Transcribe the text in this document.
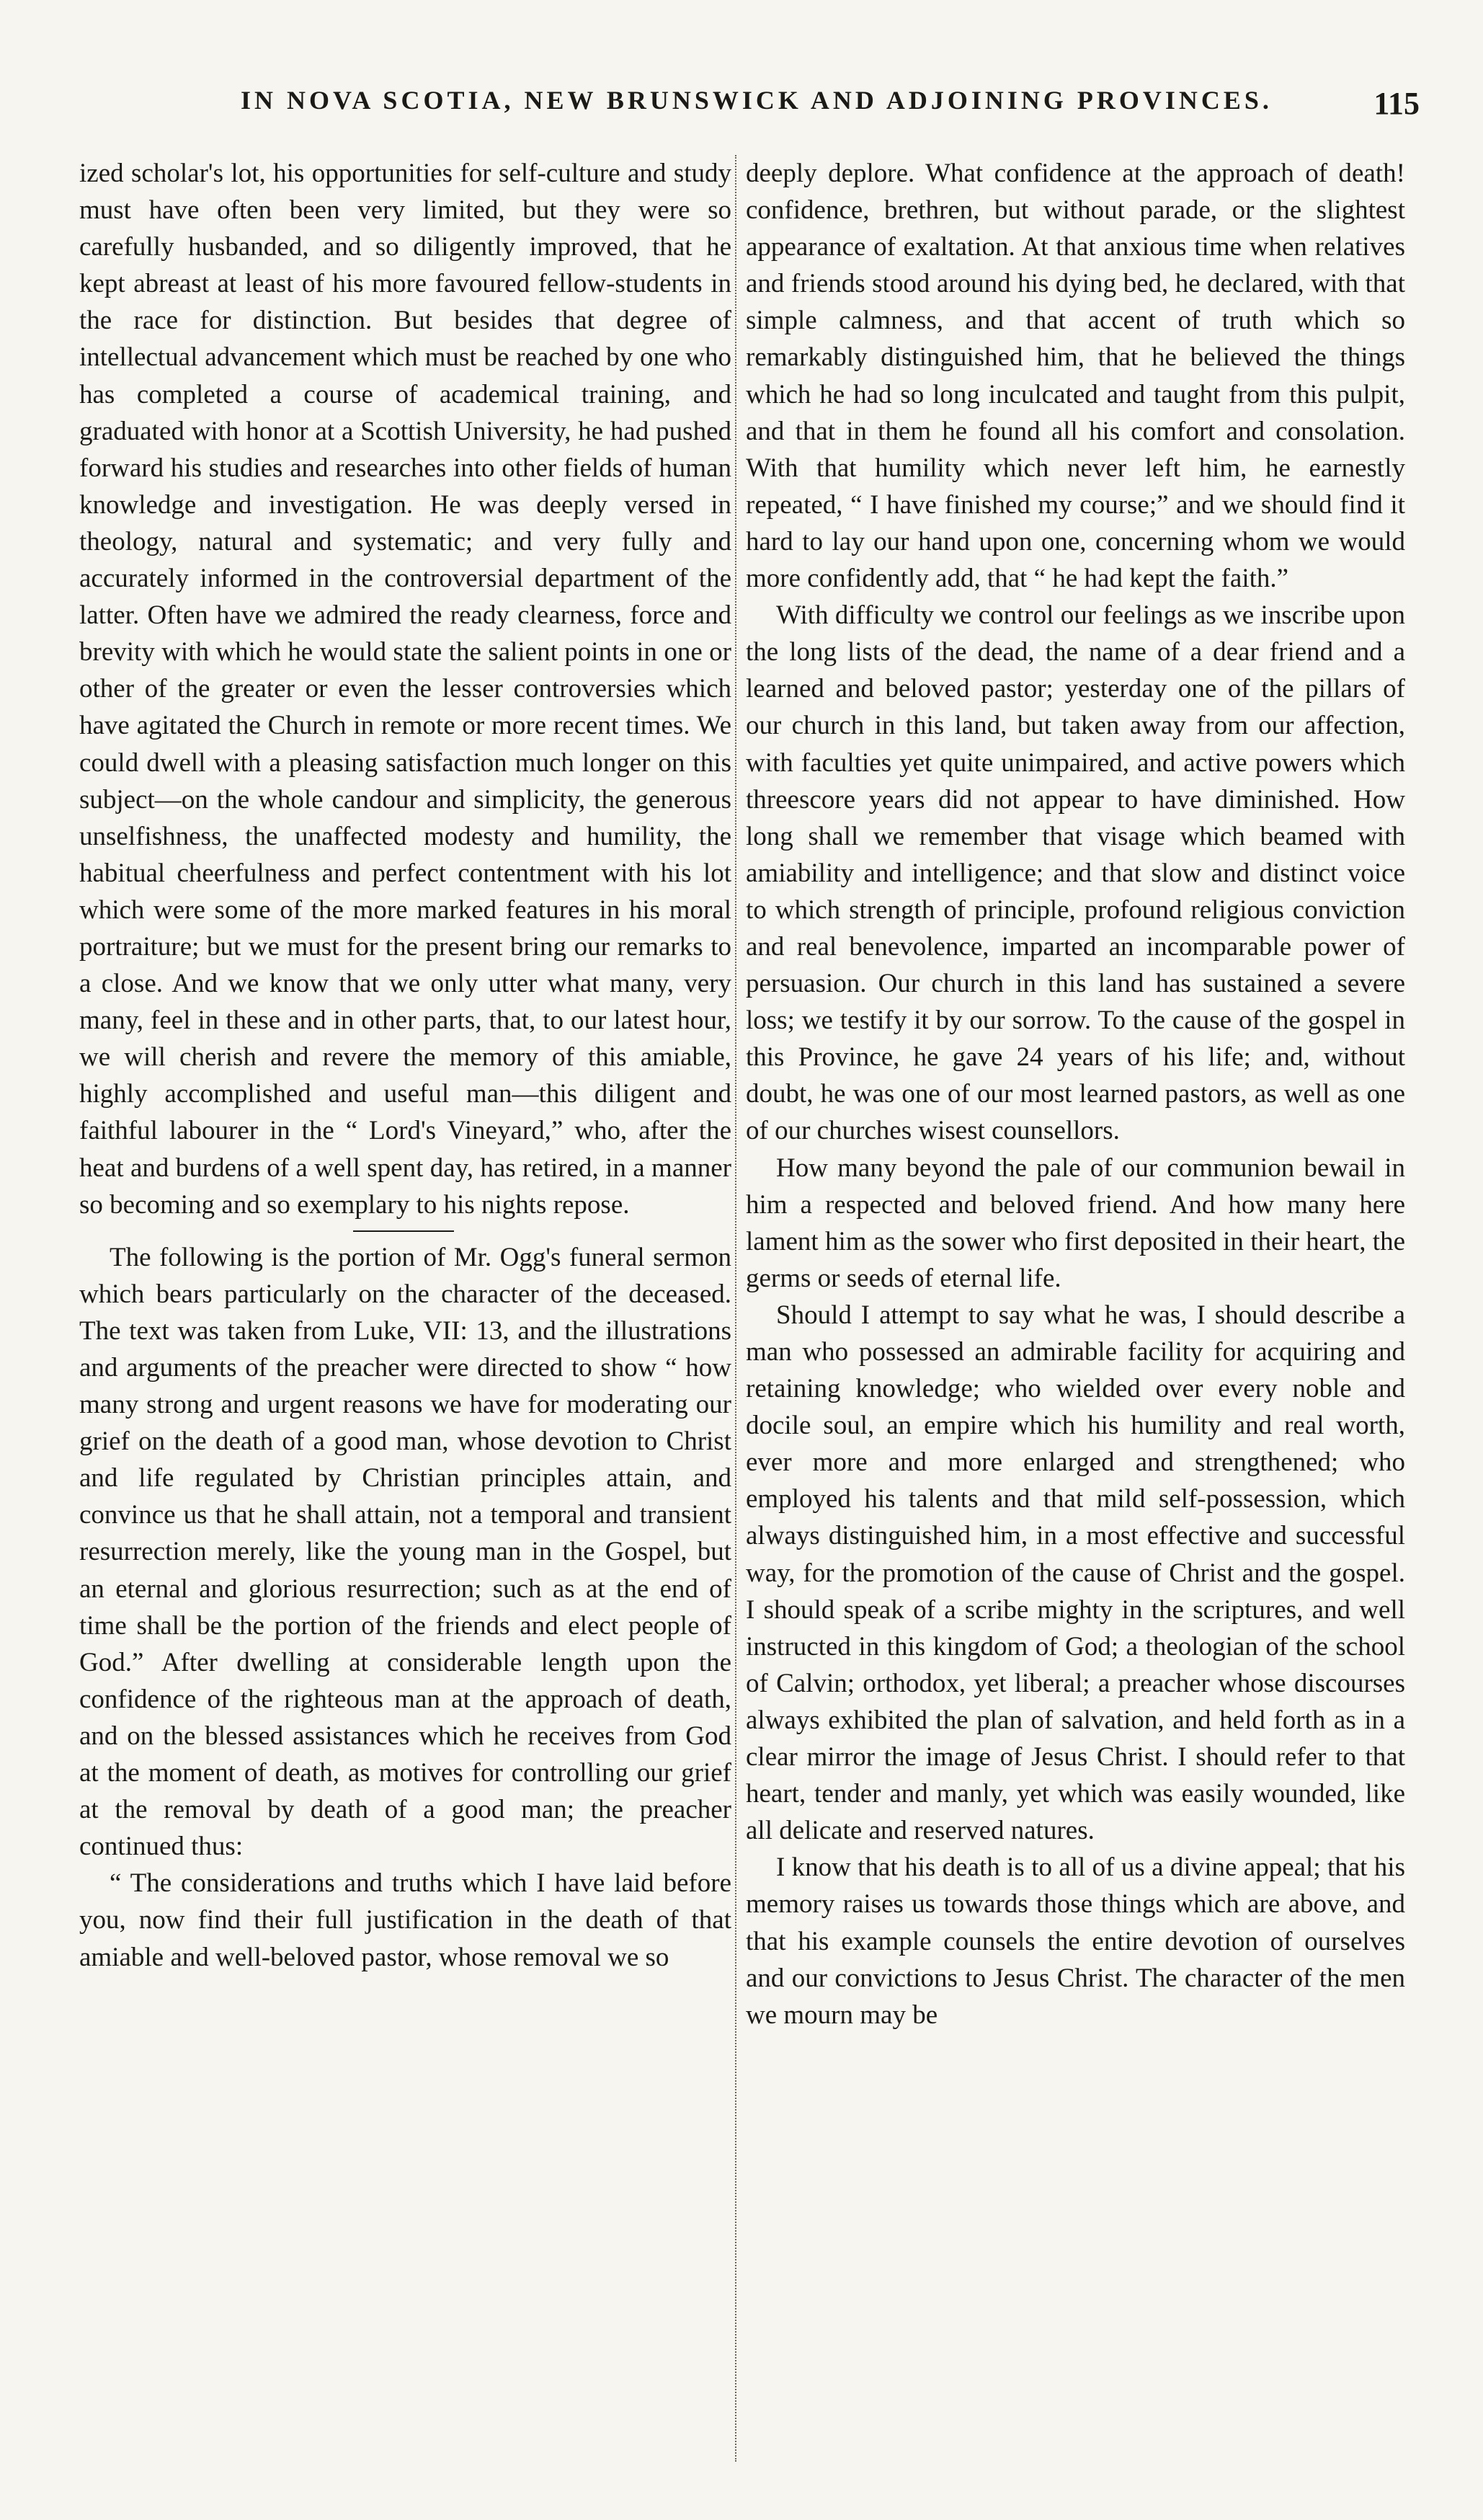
IN NOVA SCOTIA, NEW BRUNSWICK AND ADJOINING PROVINCES.	115

ized scholar's lot, his opportunities for self-culture and study must have often been very limited, but they were so carefully husbanded, and so diligently improved, that he kept abreast at least of his more favoured fellow-students in the race for distinction. But besides that degree of intellectual advancement which must be reached by one who has completed a course of academical training, and graduated with honor at a Scottish University, he had pushed forward his studies and researches into other fields of human knowledge and investigation. He was deeply versed in theology, natural and systematic; and very fully and accurately informed in the controversial department of the latter. Often have we admired the ready clearness, force and brevity with which he would state the salient points in one or other of the greater or even the lesser controversies which have agitated the Church in remote or more recent times. We could dwell with a pleasing satisfaction much longer on this subject—on the whole candour and simplicity, the generous unselfishness, the unaffected modesty and humility, the habitual cheerfulness and perfect contentment with his lot which were some of the more marked features in his moral portraiture; but we must for the present bring our remarks to a close. And we know that we only utter what many, very many, feel in these and in other parts, that, to our latest hour, we will cherish and revere the memory of this amiable, highly accomplished and useful man—this diligent and faithful labourer in the “ Lord's Vineyard,” who, after the heat and burdens of a well spent day, has retired, in a manner so becoming and so exemplary to his nights repose.

The following is the portion of Mr. Ogg's funeral sermon which bears particularly on the character of the deceased. The text was taken from Luke, VII: 13, and the illustrations and arguments of the preacher were directed to show “ how many strong and urgent reasons we have for moderating our grief on the death of a good man, whose devotion to Christ and life regulated by Christian principles attain, and convince us that he shall attain, not a temporal and transient resurrection merely, like the young man in the Gospel, but an eternal and glorious resurrection; such as at the end of time shall be the portion of the friends and elect people of God.” After dwelling at considerable length upon the confidence of the righteous man at the approach of death, and on the blessed assistances which he receives from God at the moment of death, as motives for controlling our grief at the removal by death of a good man; the preacher continued thus:

“ The considerations and truths which I have laid before you, now find their full justification in the death of that amiable and well-beloved pastor, whose removal we so

deeply deplore. What confidence at the approach of death! confidence, brethren, but without parade, or the slightest appearance of exaltation. At that anxious time when relatives and friends stood around his dying bed, he declared, with that simple calmness, and that accent of truth which so remarkably distinguished him, that he believed the things which he had so long inculcated and taught from this pulpit, and that in them he found all his comfort and consolation. With that humility which never left him, he earnestly repeated, “ I have finished my course;” and we should find it hard to lay our hand upon one, concerning whom we would more confidently add, that “ he had kept the faith.”

With difficulty we control our feelings as we inscribe upon the long lists of the dead, the name of a dear friend and a learned and beloved pastor; yesterday one of the pillars of our church in this land, but taken away from our affection, with faculties yet quite unimpaired, and active powers which threescore years did not appear to have diminished. How long shall we remember that visage which beamed with amiability and intelligence; and that slow and distinct voice to which strength of principle, profound religious conviction and real benevolence, imparted an incomparable power of persuasion. Our church in this land has sustained a severe loss; we testify it by our sorrow. To the cause of the gospel in this Province, he gave 24 years of his life; and, without doubt, he was one of our most learned pastors, as well as one of our churches wisest counsellors.

How many beyond the pale of our communion bewail in him a respected and beloved friend. And how many here lament him as the sower who first deposited in their heart, the germs or seeds of eternal life.

Should I attempt to say what he was, I should describe a man who possessed an admirable facility for acquiring and retaining knowledge; who wielded over every noble and docile soul, an empire which his humility and real worth, ever more and more enlarged and strengthened; who employed his talents and that mild self-possession, which always distinguished him, in a most effective and successful way, for the promotion of the cause of Christ and the gospel. I should speak of a scribe mighty in the scriptures, and well instructed in this kingdom of God; a theologian of the school of Calvin; orthodox, yet liberal; a preacher whose discourses always exhibited the plan of salvation, and held forth as in a clear mirror the image of Jesus Christ. I should refer to that heart, tender and manly, yet which was easily wounded, like all delicate and reserved natures.

I know that his death is to all of us a divine appeal; that his memory raises us towards those things which are above, and that his example counsels the entire devotion of ourselves and our convictions to Jesus Christ. The character of the men we mourn may be
